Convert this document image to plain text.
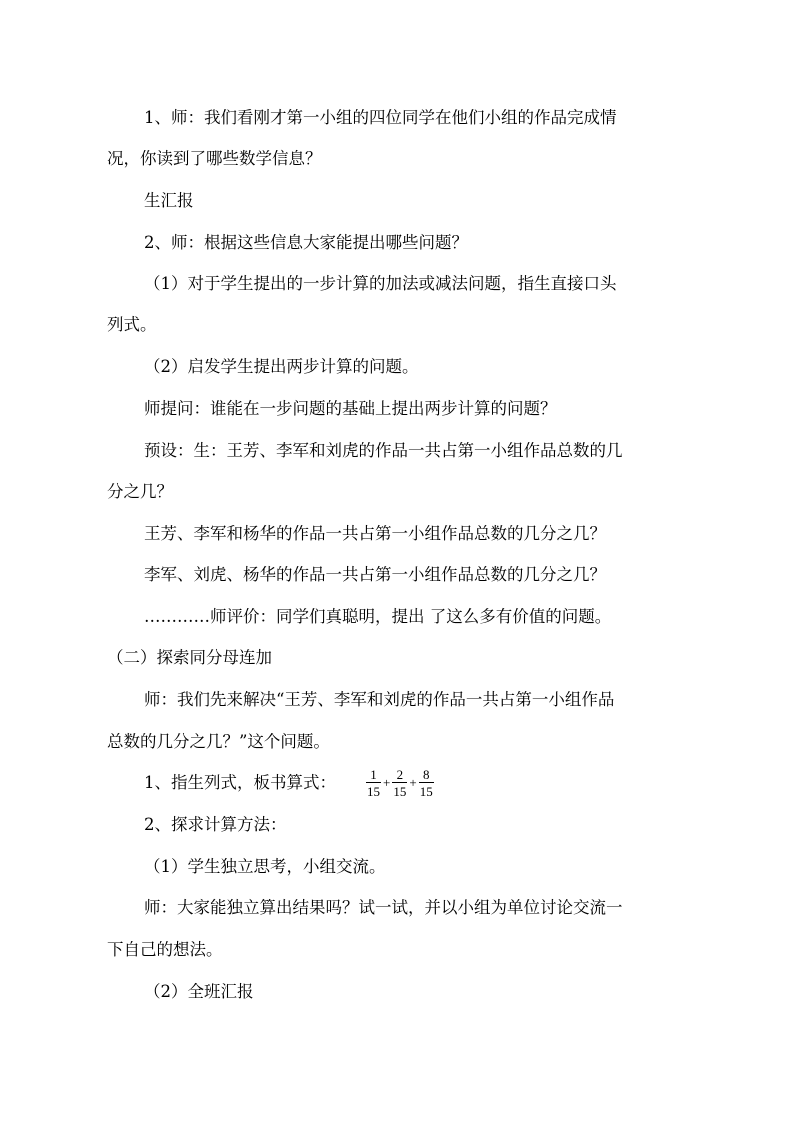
1、师：我们看刚才第一小组的四位同学在他们小组的作品完成情
况，你读到了哪些数学信息？
生汇报
2、师：根据这些信息大家能提出哪些问题？
（1）对于学生提出的一步计算的加法或减法问题，指生直接口头
列式。
（2）启发学生提出两步计算的问题。
师提问：谁能在一步问题的基础上提出两步计算的问题？
预设：生：王芳、李军和刘虎的作品一共占第一小组作品总数的几
分之几？
王芳、李军和杨华的作品一共占第一小组作品总数的几分之几？
李军、刘虎、杨华的作品一共占第一小组作品总数的几分之几？
…………师评价：同学们真聪明，提出 了这么多有价值的问题。
（二）探索同分母连加
师：我们先来解决“王芳、李军和刘虎的作品一共占第一小组作品
总数的几分之几？”这个问题。
1、指生列式，板书算式： $\frac{1}{15} + \frac{2}{15} + \frac{8}{15}$
2、探求计算方法：
（1）学生独立思考，小组交流。
师：大家能独立算出结果吗？试一试，并以小组为单位讨论交流一
下自己的想法。
（2）全班汇报
